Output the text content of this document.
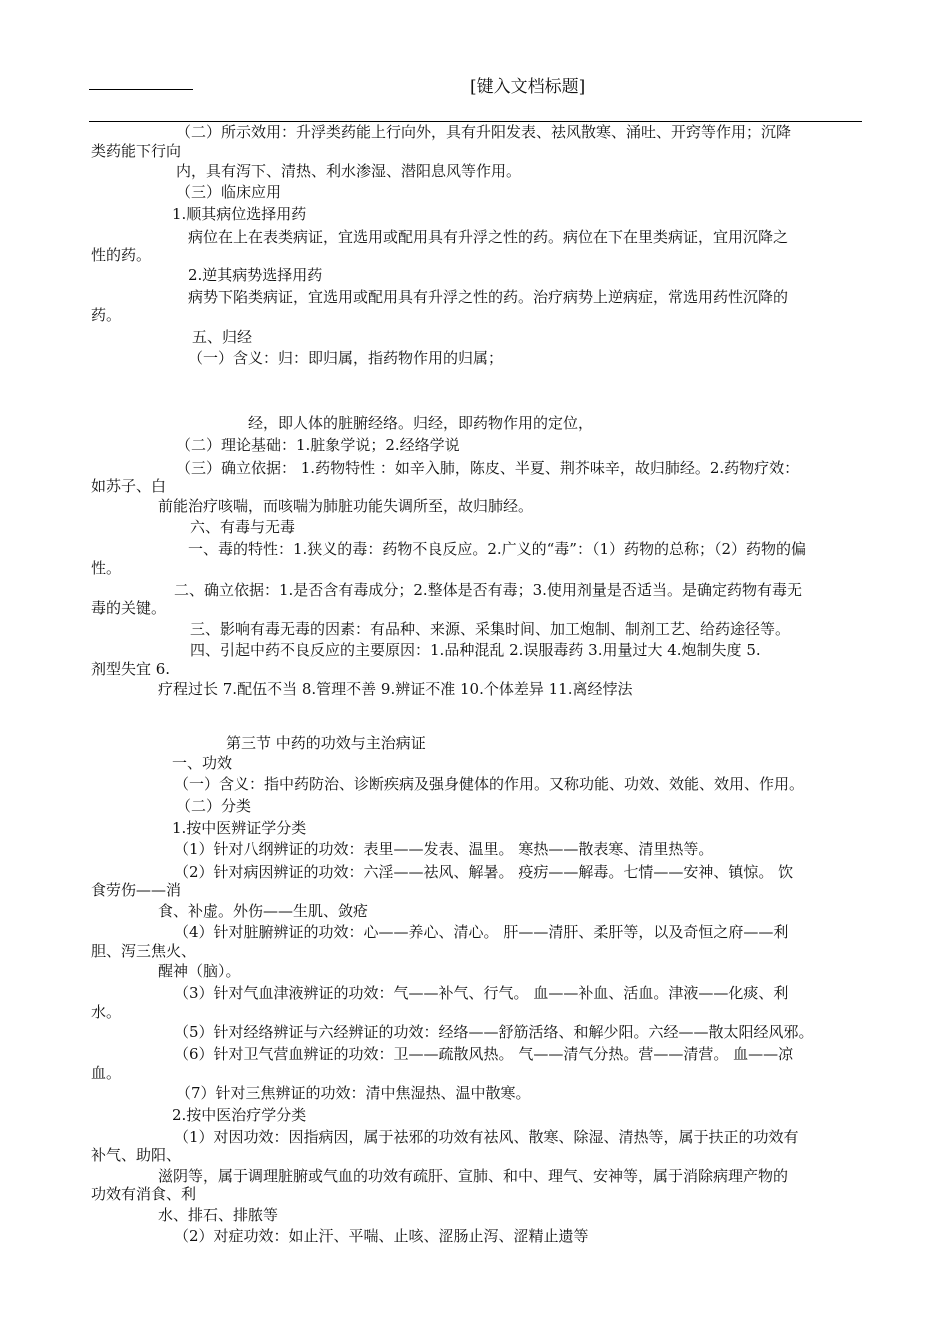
[键入文档标题]
（二）所示效用：升浮类药能上行向外，具有升阳发表、祛风散寒、涌吐、开窍等作用；沉降
类药能下行向
内，具有泻下、清热、利水渗湿、潜阳息风等作用。
（三）临床应用
1.顺其病位选择用药
病位在上在表类病证，宜选用或配用具有升浮之性的药。病位在下在里类病证，宜用沉降之
性的药。
2.逆其病势选择用药
病势下陷类病证，宜选用或配用具有升浮之性的药。治疗病势上逆病症，常选用药性沉降的
药。
五、归经
（一）含义：归：即归属，指药物作用的归属；
经，即人体的脏腑经络。归经，即药物作用的定位，
（二）理论基础：1.脏象学说；2.经络学说
（三）确立依据： 1.药物特性 ：如辛入肺，陈皮、半夏、荆芥味辛，故归肺经。2.药物疗效：
如苏子、白
前能治疗咳喘，而咳喘为肺脏功能失调所至，故归肺经。
六、有毒与无毒
一、毒的特性：1.狭义的毒：药物不良反应。2.广义的“毒”：（1）药物的总称；（2）药物的偏
性。
二、确立依据：1.是否含有毒成分；2.整体是否有毒；3.使用剂量是否适当。是确定药物有毒无
毒的关键。
三、影响有毒无毒的因素：有品种、来源、采集时间、加工炮制、制剂工艺、给药途径等。
四、引起中药不良反应的主要原因：1.品种混乱 2.误服毒药 3.用量过大 4.炮制失度 5.
剂型失宜 6.
疗程过长 7.配伍不当 8.管理不善 9.辨证不准 10.个体差异 11.离经悖法
第三节 中药的功效与主治病证
一、功效
（一）含义：指中药防治、诊断疾病及强身健体的作用。又称功能、功效、效能、效用、作用。
（二）分类
1.按中医辨证学分类
（1）针对八纲辨证的功效：表里——发表、温里。 寒热——散表寒、清里热等。
（2）针对病因辨证的功效：六淫——祛风、解暑。 疫疠——解毒。七情——安神、镇惊。 饮
食劳伤——消
食、补虚。外伤——生肌、敛疮
（4）针对脏腑辨证的功效：心——养心、清心。 肝——清肝、柔肝等，以及奇恒之府——利
胆、泻三焦火、
醒神（脑）。
（3）针对气血津液辨证的功效：气——补气、行气。 血——补血、活血。津液——化痰、利
水。
（5）针对经络辨证与六经辨证的功效：经络——舒筋活络、和解少阳。六经——散太阳经风邪。
（6）针对卫气营血辨证的功效：卫——疏散风热。 气——清气分热。营——清营。 血——凉
血。
（7）针对三焦辨证的功效：清中焦湿热、温中散寒。
2.按中医治疗学分类
（1）对因功效：因指病因，属于祛邪的功效有祛风、散寒、除湿、清热等，属于扶正的功效有
补气、助阳、
滋阴等，属于调理脏腑或气血的功效有疏肝、宣肺、和中、理气、安神等，属于消除病理产物的
功效有消食、利
水、排石、排脓等
（2）对症功效：如止汗、平喘、止咳、涩肠止泻、涩精止遗等
